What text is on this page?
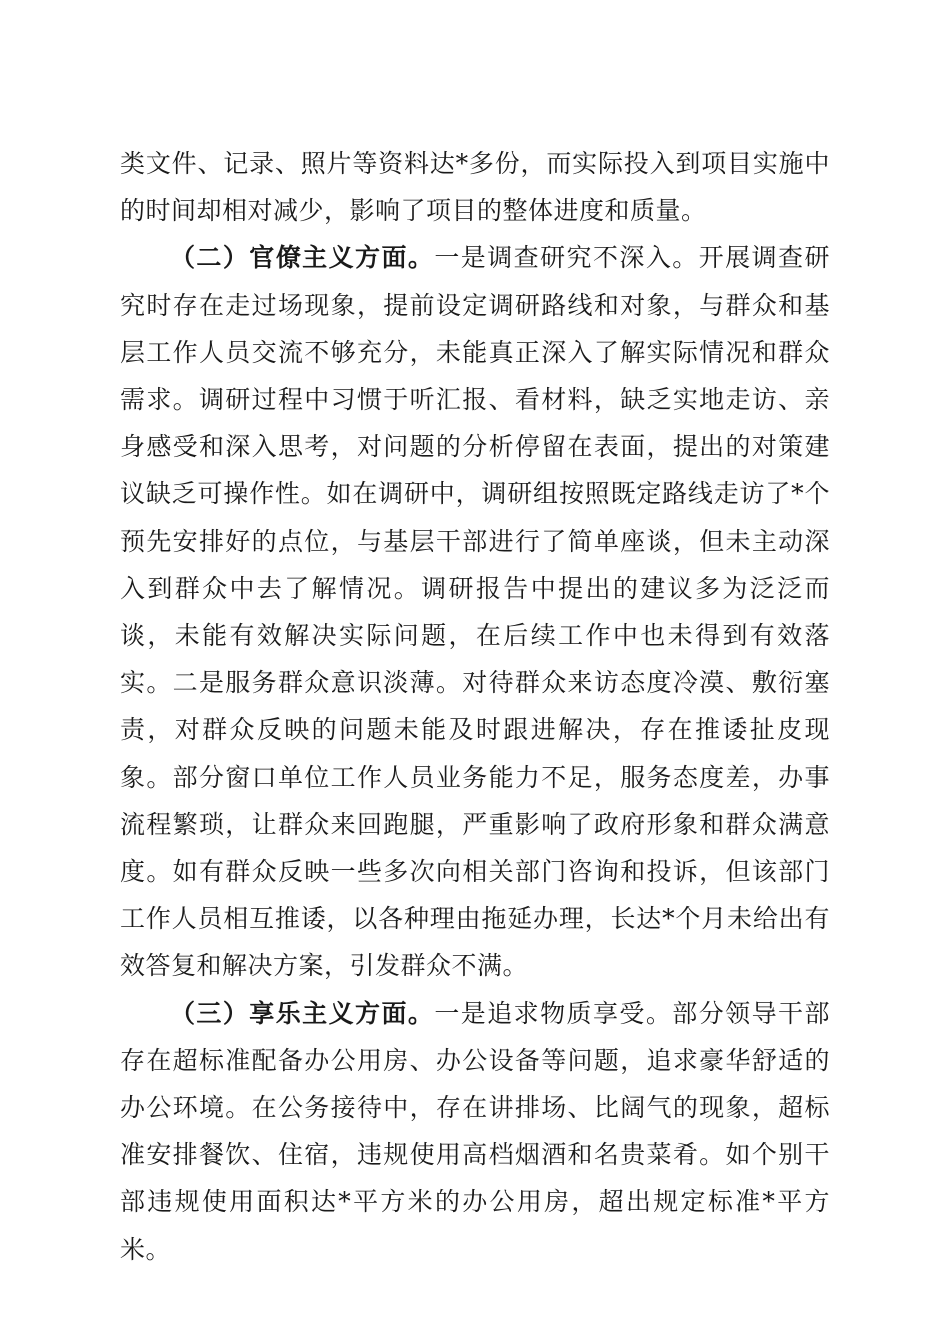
类文件、记录、照片等资料达*多份，而实际投入到项目实施中的时间却相对减少，影响了项目的整体进度和质量。

（二）官僚主义方面。一是调查研究不深入。开展调查研究时存在走过场现象，提前设定调研路线和对象，与群众和基层工作人员交流不够充分，未能真正深入了解实际情况和群众需求。调研过程中习惯于听汇报、看材料，缺乏实地走访、亲身感受和深入思考，对问题的分析停留在表面，提出的对策建议缺乏可操作性。如在调研中，调研组按照既定路线走访了*个预先安排好的点位，与基层干部进行了简单座谈，但未主动深入到群众中去了解情况。调研报告中提出的建议多为泛泛而谈，未能有效解决实际问题，在后续工作中也未得到有效落实。二是服务群众意识淡薄。对待群众来访态度冷漠、敷衍塞责，对群众反映的问题未能及时跟进解决，存在推诿扯皮现象。部分窗口单位工作人员业务能力不足，服务态度差，办事流程繁琐，让群众来回跑腿，严重影响了政府形象和群众满意度。如有群众反映一些多次向相关部门咨询和投诉，但该部门工作人员相互推诿，以各种理由拖延办理，长达*个月未给出有效答复和解决方案，引发群众不满。

（三）享乐主义方面。一是追求物质享受。部分领导干部存在超标准配备办公用房、办公设备等问题，追求豪华舒适的办公环境。在公务接待中，存在讲排场、比阔气的现象，超标准安排餐饮、住宿，违规使用高档烟酒和名贵菜肴。如个别干部违规使用面积达*平方米的办公用房，超出规定标准*平方米。
